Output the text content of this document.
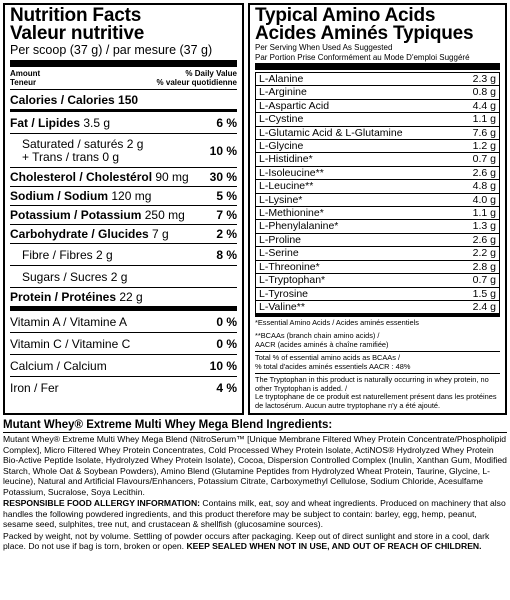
Nutrition Facts
Valeur nutritive
Per scoop (37 g) / par mesure (37 g)
Amount
Teneur
% Daily Value
% valeur quotidienne
Calories / Calories 150
Fat / Lipides 3.5 g	6 %
Saturated / saturés 2 g
+ Trans / trans 0 g	10 %
Cholesterol / Cholestérol 90 mg 30 %
Sodium / Sodium 120 mg	5 %
Potassium / Potassium 250 mg	7 %
Carbohydrate / Glucides 7 g	2 %
Fibre / Fibres 2 g	8 %
Sugars / Sucres 2 g
Protein / Protéines 22 g
Vitamin A / Vitamine A	0 %
Vitamin C / Vitamine C	0 %
Calcium / Calcium	10 %
Iron / Fer	4 %
Typical Amino Acids
Acides Aminés Typiques
Per Serving When Used As Suggested
Par Portion Prise Conformément au Mode D'emploi Suggéré
L-Alanine	2.3 g
L-Arginine	0.8 g
L-Aspartic Acid	4.4 g
L-Cystine	1.1 g
L-Glutamic Acid & L-Glutamine	7.6 g
L-Glycine	1.2 g
L-Histidine*	0.7 g
L-Isoleucine**	2.6 g
L-Leucine**	4.8 g
L-Lysine*	4.0 g
L-Methionine*	1.1 g
L-Phenylalanine*	1.3 g
L-Proline	2.6 g
L-Serine	2.2 g
L-Threonine*	2.8 g
L-Tryptophan*	0.7 g
L-Tyrosine	1.5 g
L-Valine**	2.4 g
*Essential Amino Acids / Acides aminés essentiels
**BCAAs (branch chain amino acids) /
AACR (acides aminés à chaîne ramifiée)
Total % of essential amino acids as BCAAs /
% total d'acides aminés essentiels AACR : 48%
The Tryptophan in this product is naturally occurring in whey protein, no other Tryptophan is added. /
Le tryptophane de ce produit est naturellement présent dans les protéines de lactosérum. Aucun autre tryptophane n'y a été ajouté.
Mutant Whey® Extreme Multi Whey Mega Blend Ingredients:

Mutant Whey® Extreme Multi Whey Mega Blend (NitroSerum™ [Unique Membrane Filtered Whey Protein Concentrate/Phospholipid Complex], Micro Filtered Whey Protein Concentrates, Cold Processed Whey Protein Isolate, ActiNOS® Hydrolyzed Whey Protein Bio-Active Peptide Isolate, Hydrolyzed Whey Protein Isolate), Cocoa, Dispersion Controlled Complex (Inulin, Xanthan Gum, Modified Starch, Whole Oat & Soybean Powders), Amino Blend (Glutamine Peptides from Hydrolyzed Wheat Protein, Taurine, Glycine, L-leucine), Natural and Artificial Flavours/Enhancers, Potassium Citrate, Carboxymethyl Cellulose, Sodium Chloride, Acesulfame Potassium, Sucralose, Soya Lecithin.

RESPONSIBLE FOOD ALLERGY INFORMATION: Contains milk, eat, soy and wheat ingredients. Produced on machinery that also handles the following powdered ingredients, and this product therefore may be subject to contain: barley, egg, hemp, peanut, sesame seed, sulphites, tree nut, and crustacean & shellfish (glucosamine sources).

Packed by weight, not by volume. Settling of powder occurs after packaging. Keep out of direct sunlight and store in a cool, dark place. Do not use if bag is torn, broken or open. KEEP SEALED WHEN NOT IN USE, AND OUT OF REACH OF CHILDREN.
